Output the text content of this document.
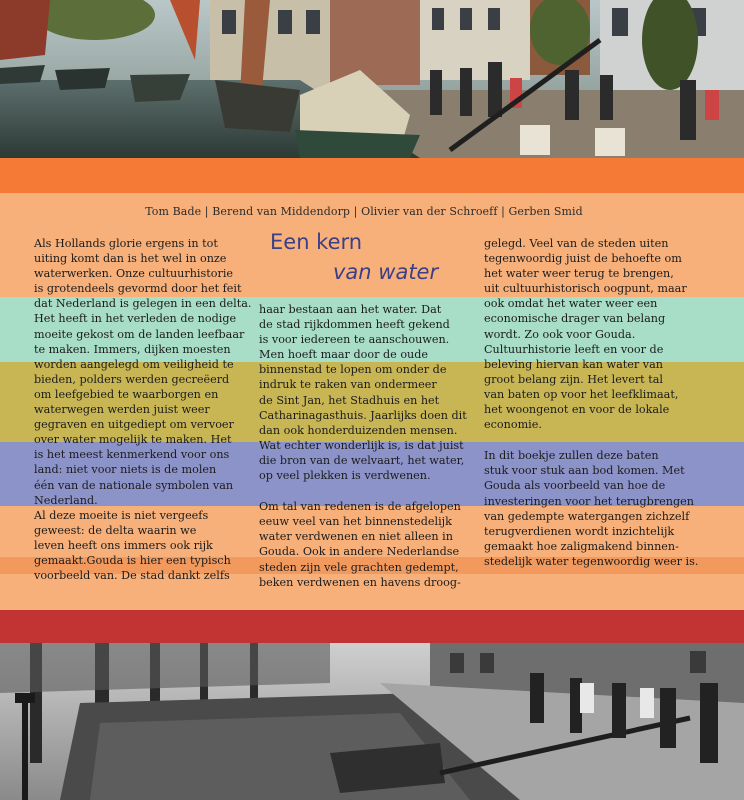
Tom Bade | Berend van Middendorp | Olivier van der Schroeff | Gerben Smid
Een kern
van water

Als Hollands glorie ergens in tot
uiting komt dan is het wel in onze
waterwerken. Onze cultuurhistorie
is grotendeels gevormd door het feit
dat Nederland is gelegen in een delta.
Het heeft in het verleden de nodige
moeite gekost om de landen leefbaar
te maken. Immers, dijken moesten
worden aangelegd om veiligheid te
bieden, polders werden gecreëerd
om leefgebied te waarborgen en
waterwegen werden juist weer
gegraven en uitgediept om vervoer
over water mogelijk te maken. Het
is het meest kenmerkend voor ons
land: niet voor niets is de molen
één van de nationale symbolen van
Nederland.
Al deze moeite is niet vergeefs
geweest: de delta waarin we
leven heeft ons immers ook rijk
gemaakt.Gouda is hier een typisch
voorbeeld van. De stad dankt zelfs

haar bestaan aan het water. Dat
de stad rijkdommen heeft gekend
is voor iedereen te aanschouwen.
Men hoeft maar door de oude
binnenstad te lopen om onder de
indruk te raken van ondermeer
de Sint Jan, het Stadhuis en het
Catharinagasthuis. Jaarlijks doen dit
dan ook honderduizenden mensen.
Wat echter wonderlijk is, is dat juist
die bron van de welvaart, het water,
op veel plekken is verdwenen.

Om tal van redenen is de afgelopen
eeuw veel van het binnenstedelijk
water verdwenen en niet alleen in
Gouda. Ook in andere Nederlandse
steden zijn vele grachten gedempt,
beken verdwenen en havens droog-

gelegd. Veel van de steden uiten
tegenwoordig juist de behoefte om
het water weer terug te brengen,
uit cultuurhistorisch oogpunt, maar
ook omdat het water weer een
economische drager van belang
wordt. Zo ook voor Gouda.
Cultuurhistorie leeft en voor de
beleving hiervan kan water van
groot belang zijn. Het levert tal
van baten op voor het leefklimaat,
het woongenot en voor de lokale
economie.

In dit boekje zullen deze baten
stuk voor stuk aan bod komen. Met
Gouda als voorbeeld van hoe de
investeringen voor het terugbrengen
van gedempte watergangen zichzelf
terugverdienen wordt inzichtelijk
gemaakt hoe zaligmakend binnen-
stedelijk water tegenwoordig weer is.
